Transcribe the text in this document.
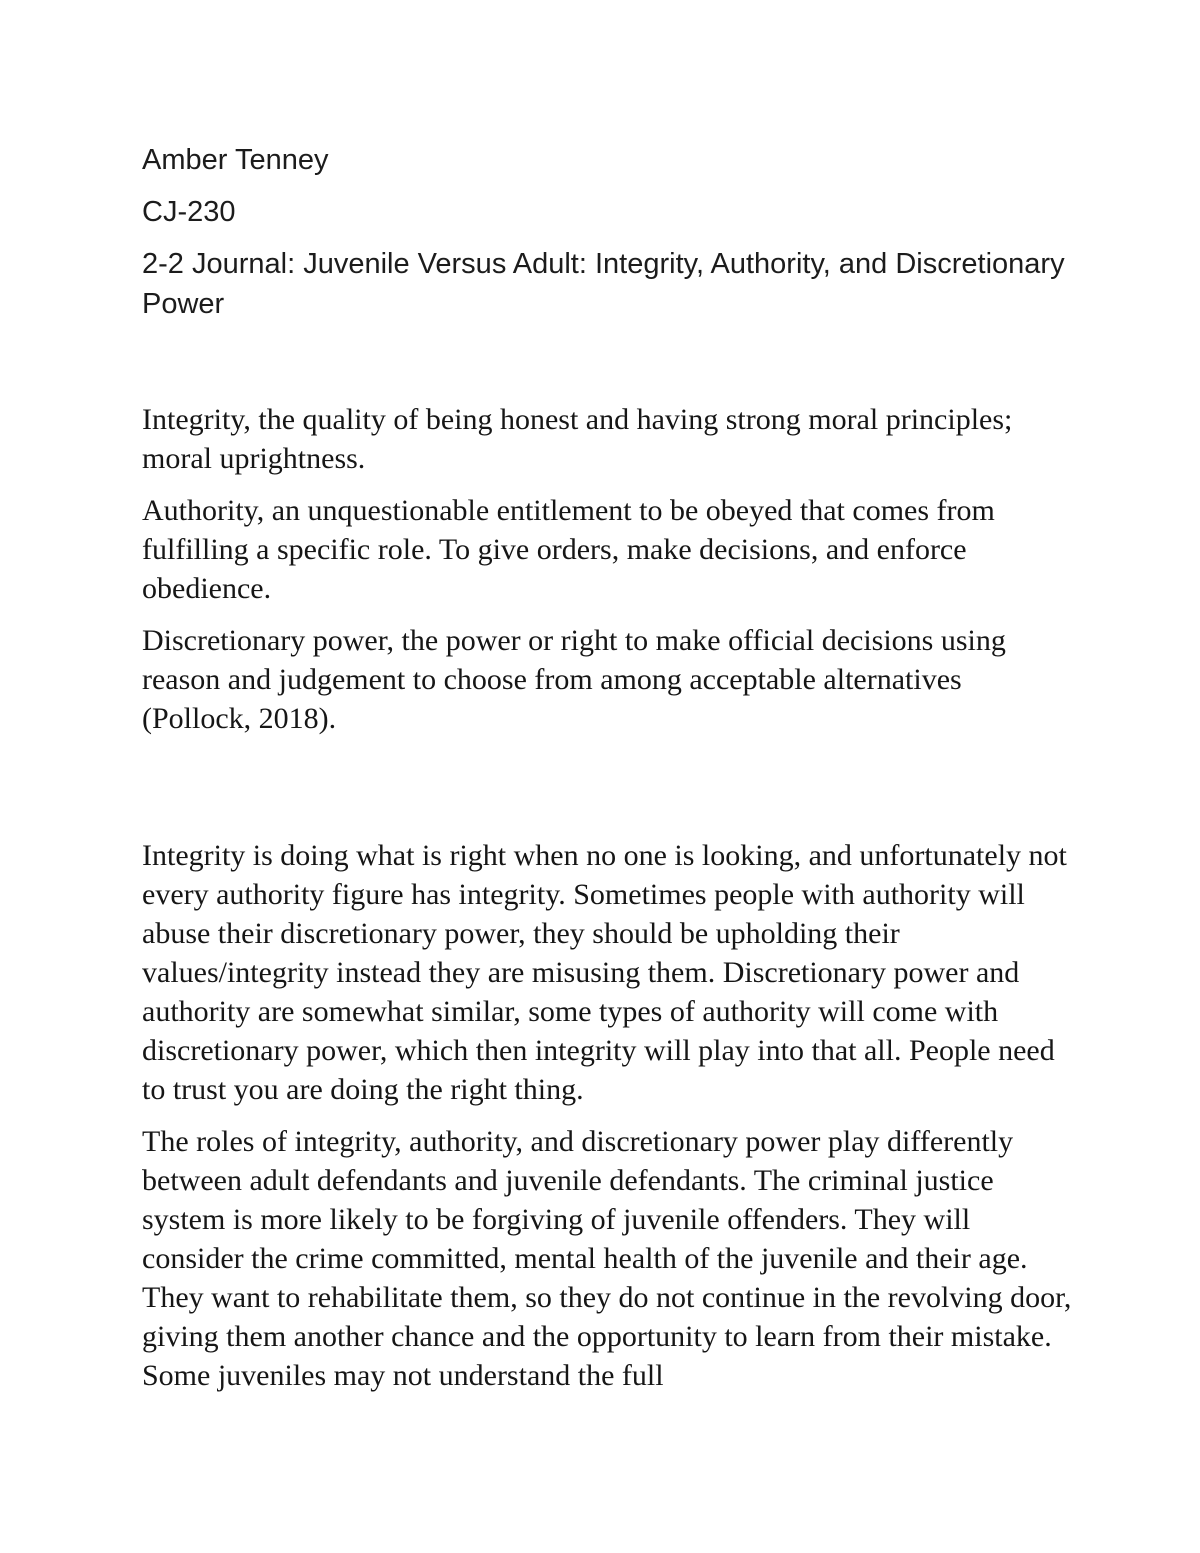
Amber Tenney

CJ-230

2-2 Journal: Juvenile Versus Adult: Integrity, Authority, and Discretionary Power

Integrity, the quality of being honest and having strong moral principles; moral uprightness.

Authority, an unquestionable entitlement to be obeyed that comes from fulfilling a specific role. To give orders, make decisions, and enforce obedience.

Discretionary power, the power or right to make official decisions using reason and judgement to choose from among acceptable alternatives (Pollock, 2018).

Integrity is doing what is right when no one is looking, and unfortunately not every authority figure has integrity. Sometimes people with authority will abuse their discretionary power, they should be upholding their values/integrity instead they are misusing them. Discretionary power and authority are somewhat similar, some types of authority will come with discretionary power, which then integrity will play into that all. People need to trust you are doing the right thing.

The roles of integrity, authority, and discretionary power play differently between adult defendants and juvenile defendants. The criminal justice system is more likely to be forgiving of juvenile offenders. They will consider the crime committed, mental health of the juvenile and their age. They want to rehabilitate them, so they do not continue in the revolving door, giving them another chance and the opportunity to learn from their mistake. Some juveniles may not understand the full
